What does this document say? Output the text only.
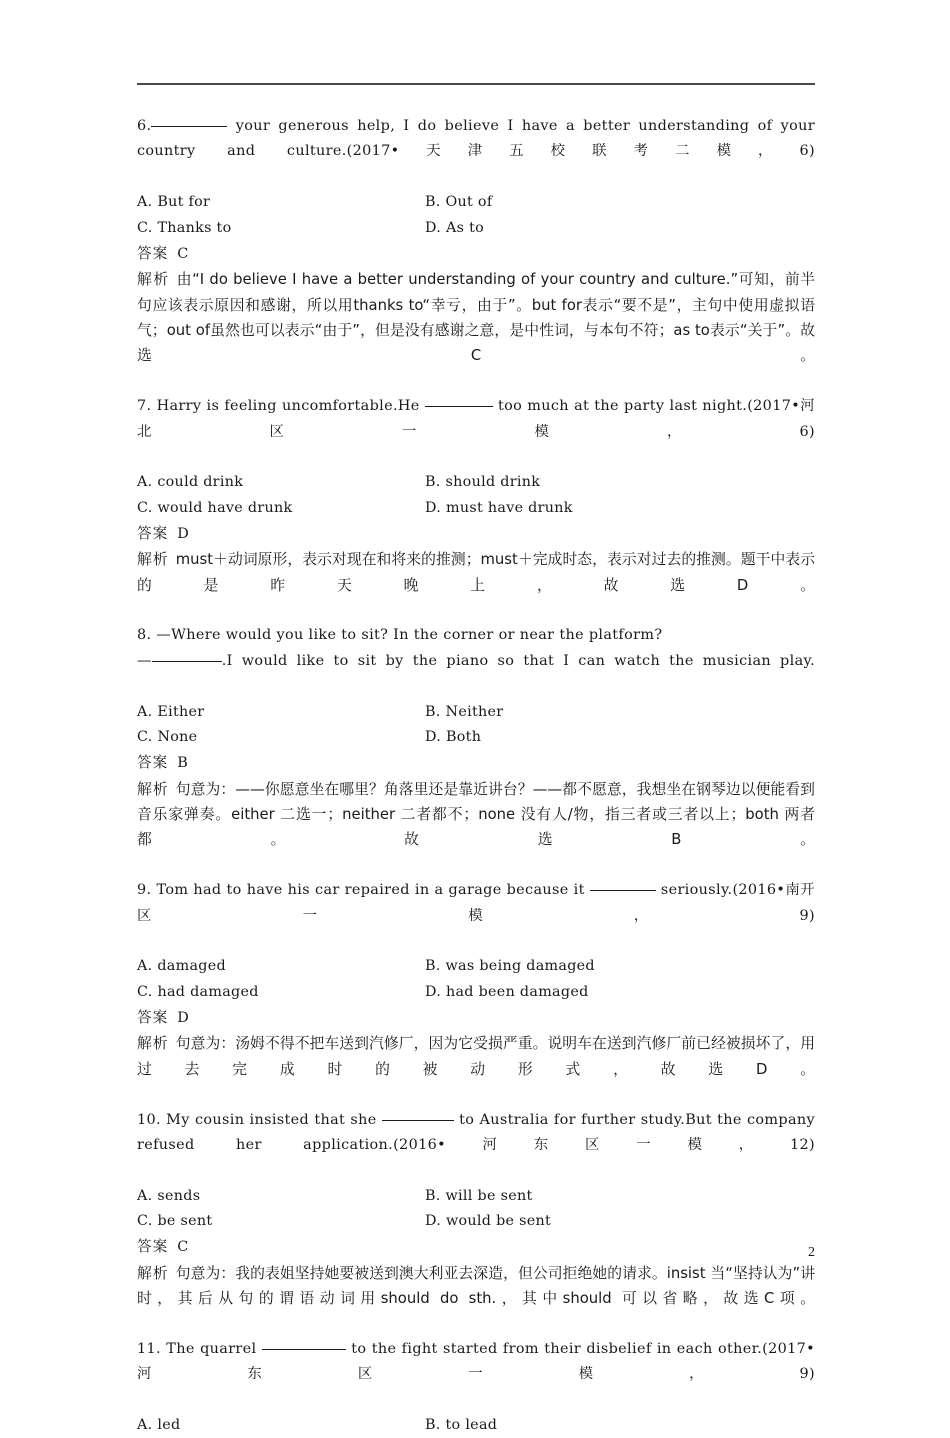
6.	your generous help, I do believe I have a better understanding of your country and culture.(2017•天津五校联考二模，6)

A. But for	B. Out of
C. Thanks to	D. As to
答案 C

解析 由“I do believe I have a better understanding of your country and culture.”可知，前半句应该表示原因和感谢，所以用thanks to“幸亏，由于”。but for表示“要不是”，主句中使用虚拟语气；out of虽然也可以表示“由于”，但是没有感谢之意，是中性词，与本句不符；as to表示“关于”。故选C。

7. Harry is feeling uncomfortable.He	too much at the party last night.(2017•河北区一模，6)

A. could drink	B. should drink
C. would have drunk	D. must have drunk
答案 D

解析 must＋动词原形，表示对现在和将来的推测；must＋完成时态，表示对过去的推测。题干中表示的是昨天晚上，故选D。

8. —Where would you like to sit? In the corner or near the platform?

—	.I would like to sit by the piano so that I can watch the musician play.

A. Either	B. Neither
C. None	D. Both
答案 B

解析 句意为：——你愿意坐在哪里？角落里还是靠近讲台？——都不愿意，我想坐在钢琴边以便能看到音乐家弹奏。either 二选一；neither 二者都不；none 没有人/物，指三者或三者以上；both 两者都。故选B。

9. Tom had to have his car repaired in a garage because it	seriously.(2016•南开区一模，9)

A. damaged	B. was being damaged
C. had damaged	D. had been damaged
答案 D

解析 句意为：汤姆不得不把车送到汽修厂，因为它受损严重。说明车在送到汽修厂前已经被损坏了，用过去完成时的被动形式，故选D。

10. My cousin insisted that she	to Australia for further study.But the company refused her application.(2016•河东区一模，12)

A. sends	B. will be sent
C. be sent	D. would be sent
答案 C

解析 句意为：我的表姐坚持她要被送到澳大利亚去深造，但公司拒绝她的请求。insist 当“坚持认为”讲时，其后从句的谓语动词用should do sth.，其中should 可以省略，故选C项。

11. The quarrel	to the fight started from their disbelief in each other.(2017•河东区一模，9)

A. led	B. to lead
2
